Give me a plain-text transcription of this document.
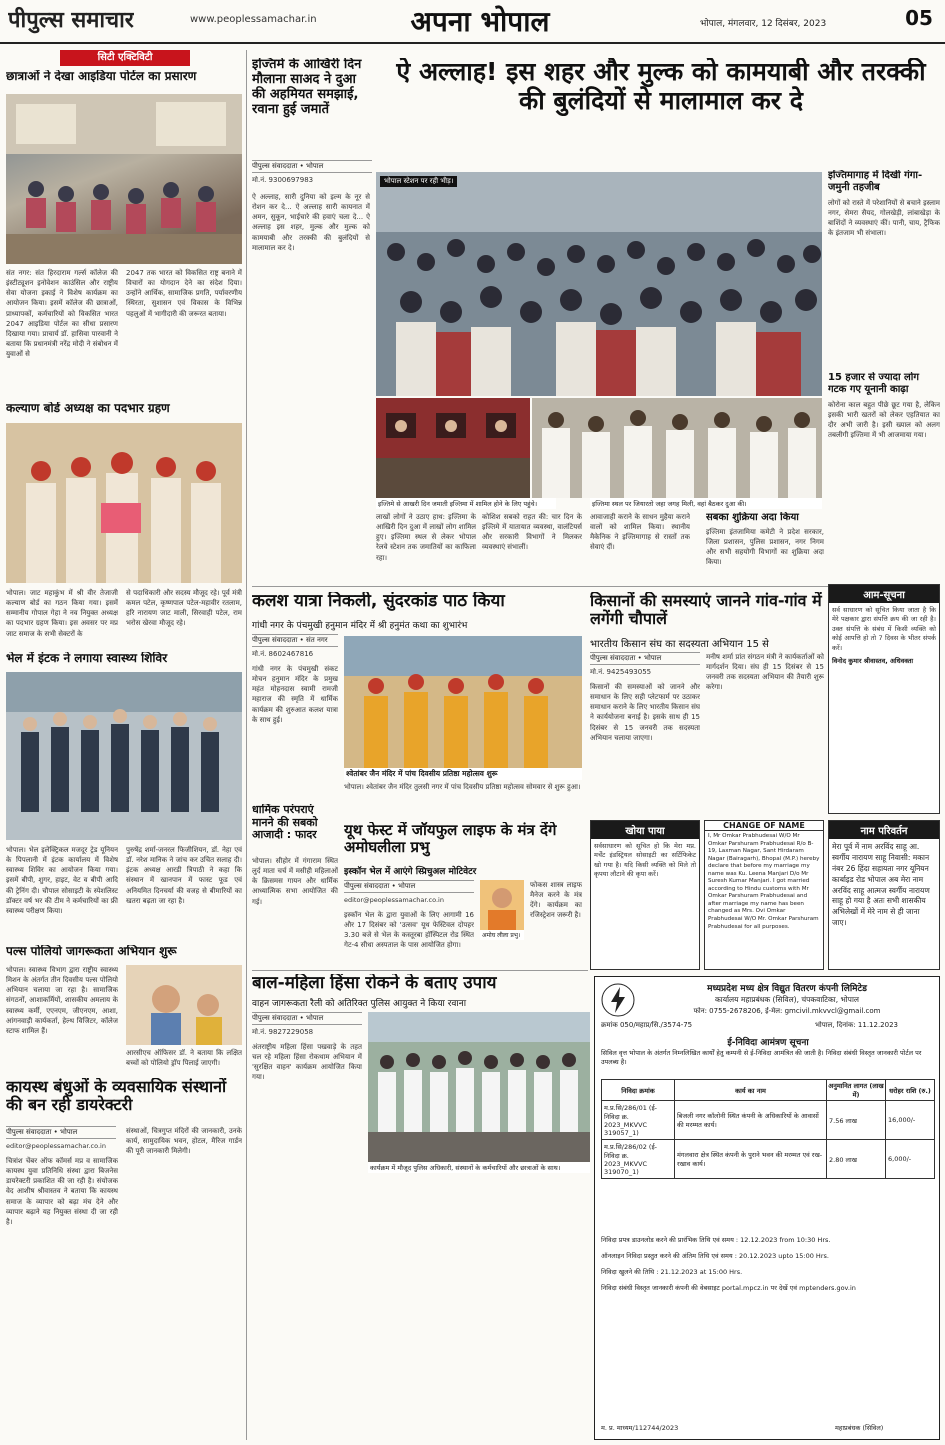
पीपुल्स समाचार	www.peoplessamachar.in	अपना भोपाल	भोपाल, मंगलवार, 12 दिसंबर, 2023	05
सिटी एक्टिविटी
छात्राओं ने देखा आइडिया पोर्टल का प्रसारण
संत नगर: संत हिरदाराम गर्ल्स कॉलेज की इंस्टीट्यूशन इनोवेशन काउंसिल और राष्ट्रीय सेवा योजना इकाई ने विशेष कार्यक्रम का आयोजन किया। इसमें कॉलेज की छात्राओं, प्राध्यापकों, कर्मचारियों को विकसित भारत 2047 आइडिया पोर्टल का सीधा प्रसारण दिखाया गया। प्राचार्य डॉ. हासिवा पारवानी ने बताया कि प्रधानमंत्री नरेंद्र मोदी ने संबोधन में युवाओं से
2047 तक भारत को विकसित राष्ट्र बनाने में विचारों का योगदान देने का संदेश दिया। उन्होंने आर्थिक, सामाजिक प्रगति, पर्यावरणीय स्थिरता, सुशासन एवं विकास के विभिन्न पहलुओं में भागीदारी की जरूरत बताया।
कल्याण बोर्ड अध्यक्ष का पदभार ग्रहण
भोपाल। जाट महाकुंभ में श्री वीर तेजाजी कल्याण बोर्ड का गठन किया गया। इसमें सम्मानीय गोपाल गेहा ने नव नियुक्त अध्यक्ष का पदभार ग्रहण किया। इस अवसर पर मप्र जाट समाज के सभी सेक्टरों के
से पदाधिकारी और सदस्य मौजूद रहे। पूर्व मंत्री कमल पटेल, कृष्णपाल पटेल-महावीर रतलाम, हरि नारायण जाट माली, सिरवाही पटेल, राम भरोस खेरवा मौजूद रहे।
भेल में इंटक ने लगाया स्वास्थ्य शिविर
भोपाल। भेल इलेक्ट्रिकल मजदूर ट्रेड यूनियन के पिपलानी में इंटक कार्यालय में विशेष स्वास्थ्य शिविर का आयोजन किया गया। इसमें बीपी, शुगर, हाइट, वेट व बीपी आदि की ट्रेनिंग दी। चौपाल सोसाइटी के स्पेशलिस्ट डॉक्टर वर्ष भर की टीम ने कर्मचारियों का फ्री स्वास्थ्य परीक्षण किया।
पुरुषेंद्र शर्मा-जनरल फिजीशियन, डॉ. नेहा एवं डॉ. नरेश मानिक ने जांच कर उचित सलाह दी। इंटक अध्यक्ष आरडी त्रिपाठी ने कहा कि संस्थान में खानपान में फास्ट फूड एवं अनियमित दिनचर्या की वजह से बीमारियों का खतरा बढ़ता जा रहा है।
पल्स पोलियो जागरूकता अभियान शुरू
भोपाल। स्वास्थ्य विभाग द्वारा राष्ट्रीय स्वास्थ्य मिशन के अंतर्गत तीन दिवसीय पल्स पोलियो अभियान चलाया जा रहा है। सामाजिक संगठनों, आशाकर्मियों, शासकीय अमलाय के स्वास्थ्य कर्मी, एएनएम, जीएनएम, आशा, आंगनवाड़ी कार्यकर्ता, हेल्थ विजिटर, कॉलेज स्टाफ शामिल हैं।
आरसीएच ऑफिसर डॉ. ने बताया कि लक्षित बच्चों को पोलियो ड्रॉप पिलाई जाएगी।
कायस्थ बंधुओं के व्यवसायिक संस्थानों की बन रही डायरेक्टरी
पीपुल्स संवाददाता • भोपाल
editor@peoplessamachar.co.in
चित्रांश चेंबर ऑफ कॉमर्स मप्र व सामाजिक कायस्थ युवा प्रतिनिधि संस्था द्वारा बिजनेस डायरेक्टरी प्रकाशित की जा रही है। संयोजक वेद आशीष श्रीवास्तव ने बताया कि कायस्थ समाज के व्यापार को बढ़ा मंच देने और व्यापार बढ़ाने यह नियुक्त संस्था दी जा रही है।
संस्थाओं, चित्रगुप्त मंदिरों की जानकारी, उनके कार्य, सामुदायिक भवन, होटल, मैरिज गार्डन की पूरी जानकारी मिलेगी।
इज्तिमे के आखिरी दिन मौलाना साअद ने दुआ की अहमियत समझाई, रवाना हुई जमातें
पीपुल्स संवाददाता • भोपाल
मो.नं. 9300697983
ऐ अल्लाह, सारी दुनिया को इल्म के नूर से रोशन कर दे... ऐ अल्लाह सारी कायनात में अमन, सुकून, भाईचारे की हवाएं चला दे... ऐ अल्लाह इस शहर, मुल्क और मुल्क को कामयाबी और तरक्की की बुलंदियों से मालामाल कर दे।
ऐ अल्लाह! इस शहर और मुल्क को कामयाबी और तरक्की की बुलंदियों से मालामाल कर दे
भोपाल स्टेशन पर रही भीड़।
इज्तिमे से आखरी दिन जमाती इज्तिमा में शामिल होने के लिए पहुंचे।	इज्तिमा स्थल पर जियारतो जहा जगह मिली, वहां बैठकर दुआ की।
लाखों लोगों ने उठाए हाथ: इज्तिमा के आखिरी दिन दुआ में लाखों लोग शामिल हुए। इज्तिमा स्थल से लेकर भोपाल रेलवे स्टेशन तक जमातियों का काफिला रहा।
कोशिश सबको राहत की: चार दिन के इज्तिमे में यातायात व्यवस्था, वालंटियर्स और सरकारी विभागों ने मिलकर व्यवस्थाएं संभालीं।
आवाजाही कराने के साधन मुहैया कराने वालों को शामिल किया। स्थानीय मैकेनिक ने इज्तिमागाह से रास्तों तक सेवाएं दीं।
सबका शुक्रिया अदा किया
इज्तिमा इंतजामिया कमेटी ने प्रदेश सरकार, जिला प्रशासन, पुलिस प्रशासन, नगर निगम और सभी सहयोगी विभागों का शुक्रिया अदा किया।
इज्तिमागाह में दिखी गंगा-जमुनी तहजीब
लोगों को रास्ते में परेशानियों से बचाने इस्लाम नगर, सेमरा सैयद, गोलखेड़ी, लांबाखेड़ा के बाशिंदों ने व्यवस्थाएं कीं। पानी, चाय, ट्रैफिक के इंतजाम भी संभाला।
15 हजार से ज्यादा लोग गटक गए यूनानी काढ़ा
कोरोना काल बहुत पीछे छूट गया है, लेकिन इसकी भारी खतरों को लेकर एहतियात का दौर अभी जारी है। इसी ख्याल को अलग तबलीगी इज्तिमा में भी आजमाया गया।
कलश यात्रा निकली, सुंदरकांड पाठ किया
गांधी नगर के पंचमुखी हनुमान मंदिर में श्री हनुमंत कथा का शुभारंभ
पीपुल्स संवाददाता • संत नगर
मो.नं. 8602467816
गांधी नगर के पंचमुखी संकट मोचन हनुमान मंदिर के प्रमुख महंत मोहनदास स्वामी रामजी महाराज की स्मृति में धार्मिक कार्यक्रम की शुरुआत कलश यात्रा के साथ हुई।
श्वेतांबर जैन मंदिर में पांच दिवसीय प्रतिष्ठा महोत्सव शुरू
भोपाल। श्वेतांबर जैन मंदिर तुलसी नगर में पांच दिवसीय प्रतिष्ठा महोत्सव सोमवार से शुरू हुआ।
धार्मिक परंपराएं मानने की सबको आजादी : फादर
भोपाल। सीहोर में गंगाराम स्थित लुर्द माता चर्च में मसीही महिलाओं के क्रिसमस गायन और धार्मिक आध्यात्मिक सभा आयोजित की गई।
किसानों की समस्याएं जानने गांव-गांव में लगेंगी चौपालें
भारतीय किसान संघ का सदस्यता अभियान 15 से
पीपुल्स संवाददाता • भोपाल
मो.नं. 9425493055
किसानों की समस्याओं को जानने और समाधान के लिए सही प्लेटफार्म पर उठाकर समाधान कराने के लिए भारतीय किसान संघ ने कार्ययोजना बनाई है। इसके साथ ही 15 दिसंबर से 15 जनवरी तक सदस्यता अभियान चलाया जाएगा।
मनीष शर्मा प्रांत संगठन मंत्री ने कार्यकर्ताओं को मार्गदर्शन दिया। संघ ही 15 दिसंबर से 15 जनवरी तक सदस्यता अभियान की तैयारी शुरू करेगा।
आम-सूचना
सर्व साधारण को सूचित किया जाता है कि मेरे पक्षकार द्वारा संपत्ति क्रय की जा रही है। उक्त संपत्ति के संबंध में किसी व्यक्ति को कोई आपत्ति हो तो 7 दिवस के भीतर संपर्क करें।
विनोद कुमार श्रीवास्तव, अधिवक्ता
यूथ फेस्ट में जॉयफुल लाइफ के मंत्र देंगे अमोघलीला प्रभु
इस्कॉन भेल में आएंगे स्प्रिचुअल मोटिवेटर
पीपुल्स संवाददाता • भोपाल
editor@peoplessamachar.co.in
इस्कॉन भेल के द्वारा युवाओं के लिए आगामी 16 और 17 दिसंबर को 'उत्सव' यूथ फेस्टिवल दोपहर 3.30 बजे से भेल के कस्तूरबा हॉस्पिटल रोड स्थित गेट-4 सीधा अस्पताल के पास आयोजित होगा।
अमोघ लीला प्रभु।
फोकस शास्त्र लाइफ मैनेज करने के मंत्र देंगे। कार्यक्रम का रजिस्ट्रेशन जरूरी है।
खोया पाया
सर्वसाधारण को सूचित हो कि मेरा मप्र. मर्चेंट इंडस्ट्रियल सोसाइटी का सर्टिफिकेट खो गया है। यदि किसी व्यक्ति को मिले तो कृपया लौटाने की कृपा करें।
CHANGE OF NAME
I, Mr Omkar Prabhudesai W/O Mr Omkar Parshuram Prabhudesai R/o B-19, Laxman Nagar, Sant Hirdaram Nagar (Bairagarh), Bhopal (M.P.) hereby declare that before my marriage my name was Ku. Leena Manjari D/o Mr Suresh Kumar Manjari. I got married according to Hindu customs with Mr Omkar Parshuram Prabhudesai and after marriage my name has been changed as Mrs. Ovi Omkar Prabhudesai W/O Mr. Omkar Parshuram Prabhudesai for all purposes.
नाम परिवर्तन
मेरा पूर्व में नाम अरविंद साहू आ. स्वर्गीय नारायण साहू निवासी: मकान नंबर 26 हिंदा सहायता नगर यूनियन कार्बाइड रोड भोपाल अब मेरा नाम अरविंद साहू आत्मज स्वर्गीय नारायण साहू हो गया है अतः सभी शासकीय अभिलेखों में मेरे नाम से ही जाना जाए।
बाल-महिला हिंसा रोकने के बताए उपाय
वाहन जागरूकता रैली को अतिरिक्त पुलिस आयुक्त ने किया रवाना
पीपुल्स संवाददाता • भोपाल
मो.नं. 9827229058
अंतराष्ट्रीय महिला हिंसा पखवाड़े के तहत चल रहे महिला हिंसा रोकथाम अभियान में 'सुरक्षित वाहन' कार्यक्रम आयोजित किया गया।
कार्यक्रम में मौजूद पुलिस अधिकारी, संस्थानों के कर्मचारियों और छात्राओं के साथ।
मध्यप्रदेश मध्य क्षेत्र विद्युत वितरण कंपनी लिमिटेड
कार्यालय महाप्रबंधक (सिविल), चंपकवाटिका, भोपाल
फोन: 0755-2678206, ई-मेल: gmcivil.mkvvcl@gmail.com
क्रमांक 050/महाप्र/सि./3574-75	भोपाल, दिनांक: 11.12.2023
ई-निविदा आमंत्रण सूचना
सिविल वृत्त भोपाल के अंतर्गत निम्नलिखित कार्यों हेतु कम्पनी से ई-निविदा आमंत्रित की जाती है। निविदा संबंधी विस्तृत जानकारी पोर्टल पर उपलब्ध है।
निविदा क्रमांक	कार्य का नाम	अनुमानित लागत (लाख में)	धरोहर राशि (रु.)
म.प्र.सि/286/01 (ई-निविदा क्र. 2023_MKVVC 319057_1)	बिजली नगर कॉलोनी स्थित कंपनी के अधिकारियों के आवासों की मरम्मत कार्य।	7.56 लाख	16,000/-
म.प्र.सि/286/02 (ई-निविदा क्र. 2023_MKVVC 319070_1)	मंगलवारा क्षेत्र स्थित कंपनी के पुराने भवन की मरम्मत एवं रख-रखाव कार्य।	2.80 लाख	6,000/-
निविदा प्रपत्र डाउनलोड करने की प्रारंभिक तिथि एवं समय : 12.12.2023 from 10:30 Hrs.
ऑनलाइन निविदा प्रस्तुत करने की अंतिम तिथि एवं समय : 20.12.2023 upto 15:00 Hrs.
निविदा खुलने की तिथि : 21.12.2023 at 15:00 Hrs.
निविदा संबंधी विस्तृत जानकारी कंपनी की वेबसाइट portal.mpcz.in पर देखें एवं mptenders.gov.in
म. प्र. माध्यम/112744/2023	महाप्रबंधक (सिविल)
